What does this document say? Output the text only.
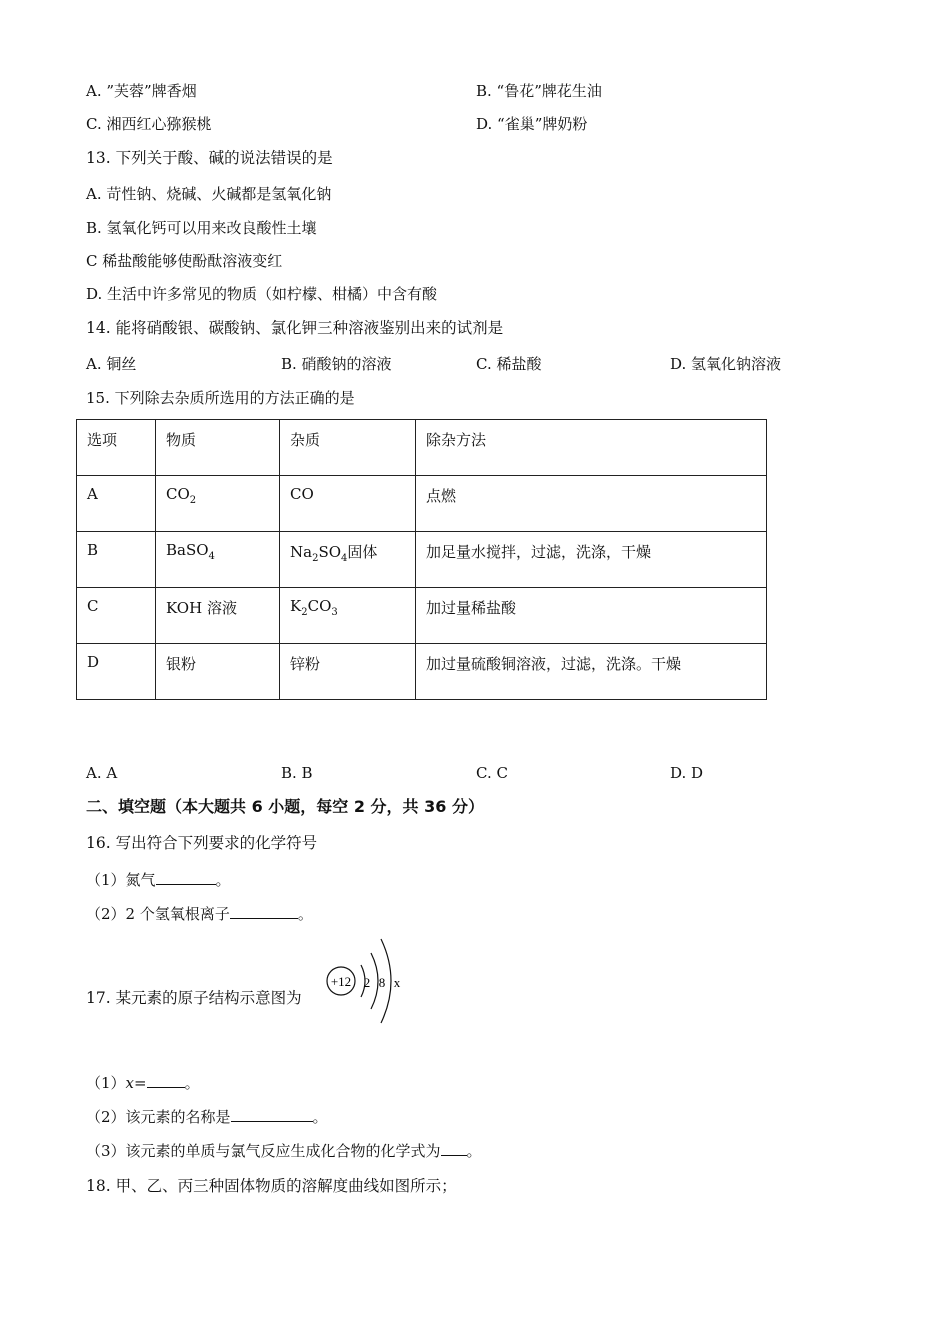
A. ”芙蓉”牌香烟	B. “鲁花”牌花生油
C. 湘西红心猕猴桃	D. “雀巢”牌奶粉
13. 下列关于酸、碱的说法错误的是
A. 苛性钠、烧碱、火碱都是氢氧化钠
B. 氢氧化钙可以用来改良酸性土壤
C 稀盐酸能够使酚酞溶液变红
D. 生活中许多常见的物质（如柠檬、柑橘）中含有酸
14. 能将硝酸银、碳酸钠、氯化钾三种溶液鉴别出来的试剂是
A. 铜丝	B. 硝酸钠的溶液	C. 稀盐酸	D. 氢氧化钠溶液
15. 下列除去杂质所选用的方法正确的是
选项	物质	杂质	除杂方法
A	$CO_2$	CO	点燃
B	BaSO$_4$	$Na_2SO_4$固体	加足量水搅拌，过滤，洗涤，干燥
C	KOH 溶液	$K_2CO_3$	加过量稀盐酸
D	银粉	锌粉	加过量硫酸铜溶液，过滤，洗涤。干燥
A. A	B. B	C. C	D. D
二、填空题（本大题共 6 小题，每空 2 分，共 36 分）
16. 写出符合下列要求的化学符号
（1）氮气	。
（2）2 个氢氧根离子	。
17. 某元素的原子结构示意图为
+12 2 8 x
（1）x=	。
（2）该元素的名称是	。
（3）该元素的单质与氯气反应生成化合物的化学式为 。
18. 甲、乙、丙三种固体物质的溶解度曲线如图所示；
